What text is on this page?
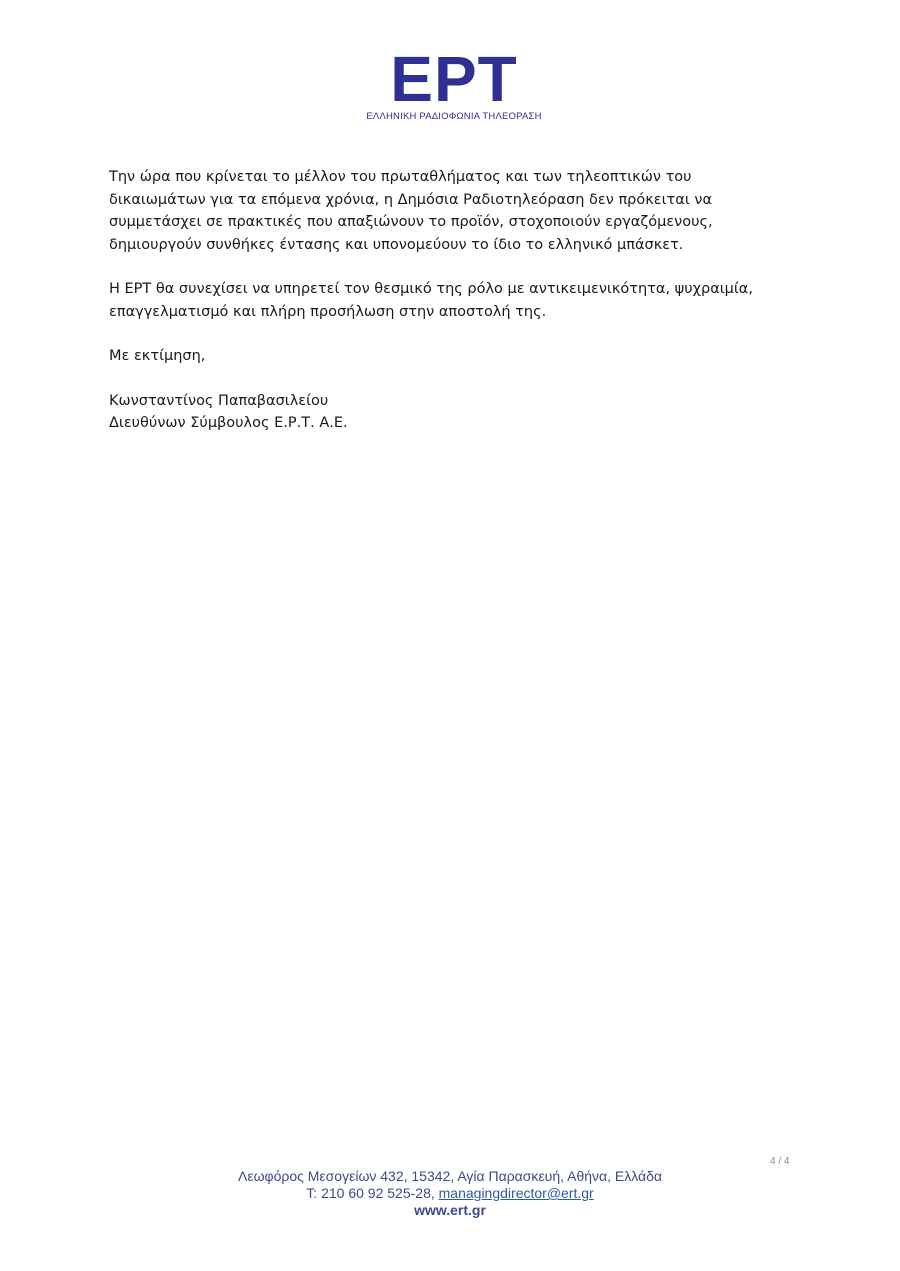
EPT
ΕΛΛΗΝΙΚΗ ΡΑΔΙΟΦΩΝΙΑ ΤΗΛΕΟΡΑΣΗ

Την ώρα που κρίνεται το μέλλον του πρωταθλήματος και των τηλεοπτικών του
δικαιωμάτων για τα επόμενα χρόνια, η Δημόσια Ραδιοτηλεόραση δεν πρόκειται να
συμμετάσχει σε πρακτικές που απαξιώνουν το προϊόν, στοχοποιούν εργαζόμενους,
δημιουργούν συνθήκες έντασης και υπονομεύουν το ίδιο το ελληνικό μπάσκετ.

Η ΕΡΤ θα συνεχίσει να υπηρετεί τον θεσμικό της ρόλο με αντικειμενικότητα, ψυχραιμία,
επαγγελματισμό και πλήρη προσήλωση στην αποστολή της.

Με εκτίμηση,

Κωνσταντίνος Παπαβασιλείου
Διευθύνων Σύμβουλος Ε.Ρ.Τ. Α.Ε.
4 / 4
Λεωφόρος Μεσογείων 432, 15342, Αγία Παρασκευή, Αθήνα, Ελλάδα
Τ: 210 60 92 525-28, managingdirector@ert.gr
www.ert.gr
